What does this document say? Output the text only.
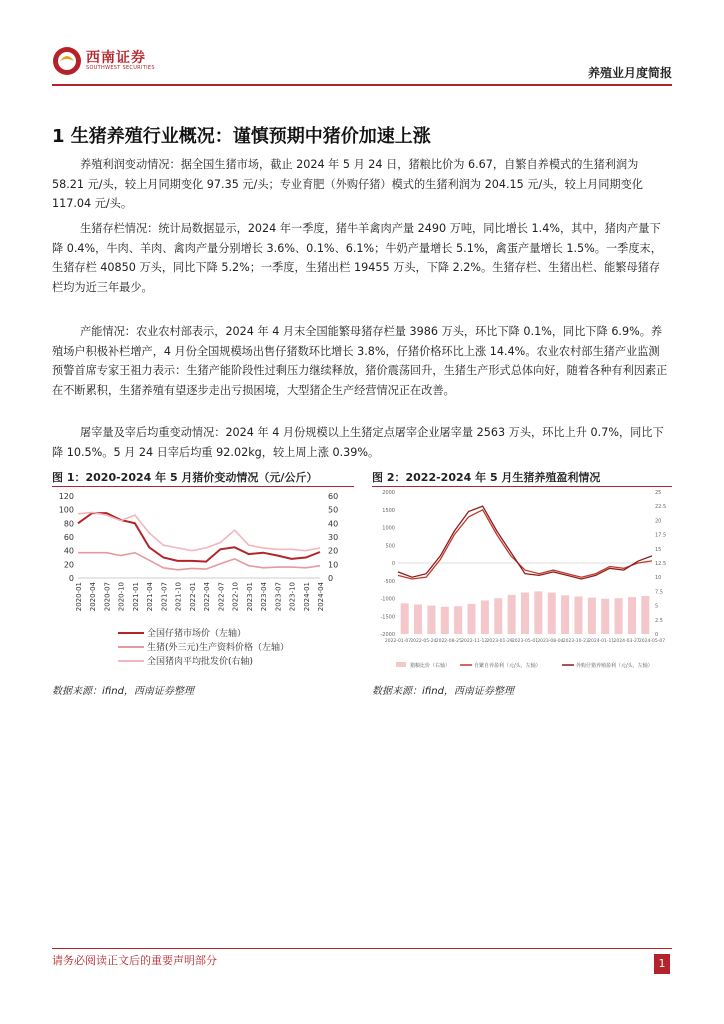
西南证券
SOUTHWEST SECURITIES	养殖业月度简报
1 生猪养殖行业概况：谨慎预期中猪价加速上涨
养殖利润变动情况：据全国生猪市场，截止 2024 年 5 月 24 日，猪粮比价为 6.67，自繁自养模式的生猪利润为 58.21 元/头，较上月同期变化 97.35 元/头；专业育肥（外购仔猪）模式的生猪利润为 204.15 元/头，较上月同期变化 117.04 元/头。
生猪存栏情况：统计局数据显示，2024 年一季度，猪牛羊禽肉产量 2490 万吨，同比增长 1.4%，其中，猪肉产量下降 0.4%，牛肉、羊肉、禽肉产量分别增长 3.6%、0.1%、6.1%；牛奶产量增长 5.1%，禽蛋产量增长 1.5%。一季度末，生猪存栏 40850 万头，同比下降 5.2%；一季度，生猪出栏 19455 万头，下降 2.2%。生猪存栏、生猪出栏、能繁母猪存栏均为近三年最少。
产能情况：农业农村部表示，2024 年 4 月末全国能繁母猪存栏量 3986 万头，环比下降 0.1%，同比下降 6.9%。养殖场户积极补栏增产，4 月份全国规模场出售仔猪数环比增长 3.8%，仔猪价格环比上涨 14.4%。农业农村部生猪产业监测预警首席专家王祖力表示：生猪产能阶段性过剩压力继续释放，猪价震荡回升，生猪生产形式总体向好，随着各种有利因素正在不断累积，生猪养殖有望逐步走出亏损困境，大型猪企生产经营情况正在改善。
屠宰量及宰后均重变动情况：2024 年 4 月份规模以上生猪定点屠宰企业屠宰量 2563 万头，环比上升 0.7%，同比下降 10.5%。5 月 24 日宰后均重 92.02kg，较上周上涨 0.39%。
图 1：2020-2024 年 5 月猪价变动情况（元/公斤）	图 2：2022-2024 年 5 月生猪养殖盈利情况
0
20
40
60
80
100
120
0
10
20
30
40
50
60
2020-01 2020-04 2020-07 2020-10 2021-01 2021-04 2021-07 2021-10 2022-01 2022-04 2022-07 2022-10 2023-01 2023-04 2023-07 2023-10 2024-01 2024-04
全国仔猪市场价（左轴）
生猪(外三元)生产资料价格（左轴）
全国猪肉平均批发价(右轴)
-2000
-1500
-1000
-500
0
500
1000
1500
2000
0
2.5
5
7.5
10
12.5
15
17.5
20
22.5
25
2022-01-07 2022-05-24 2022-08-25 2022-11-12 2023-01-29 2023-05-01 2023-08-04 2023-10-23 2024-01-11 2024-03-27 2024-05-07
猪粮比价（右轴）	自繁自养盈利（元/头，左轴）	外购仔猪养殖盈利（元/头，左轴）
数据来源：ifind，西南证券整理	数据来源：ifind，西南证券整理
请务必阅读正文后的重要声明部分	1
